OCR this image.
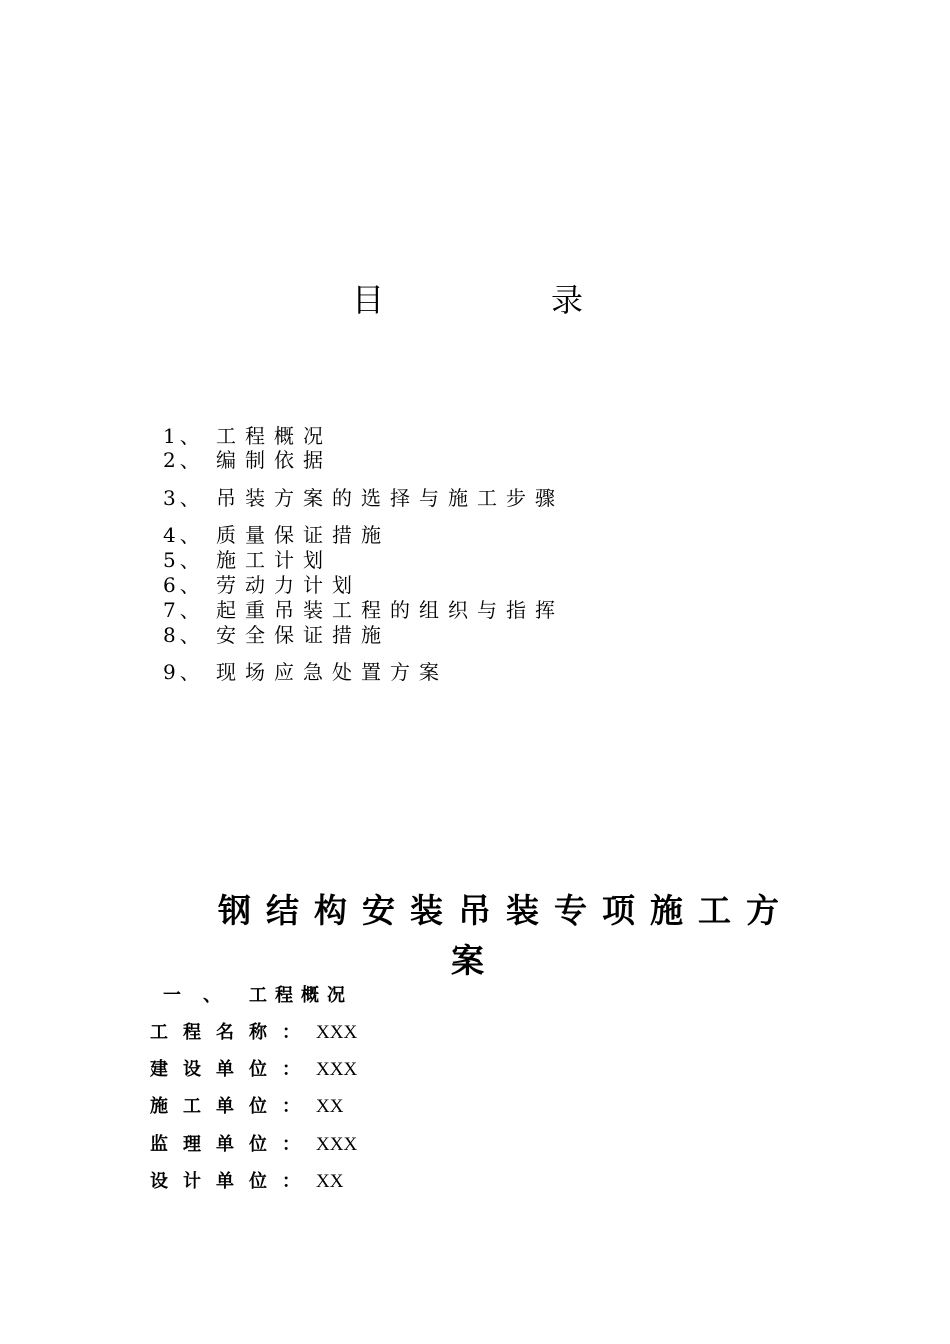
目	录
1、 工程概况
2、 编制依据
3、 吊装方案的选择与施工步骤
4、 质量保证措施
5、 施工计划
6、 劳动力计划
7、 起重吊装工程的组织与指挥
8、 安全保证措施
9、 现场应急处置方案
钢结构安装吊装专项施工方
案
一 、 工程概况
工程名称：XXX
建设单位：XXX
施工单位：XX
监理单位：XXX
设计单位：XX
